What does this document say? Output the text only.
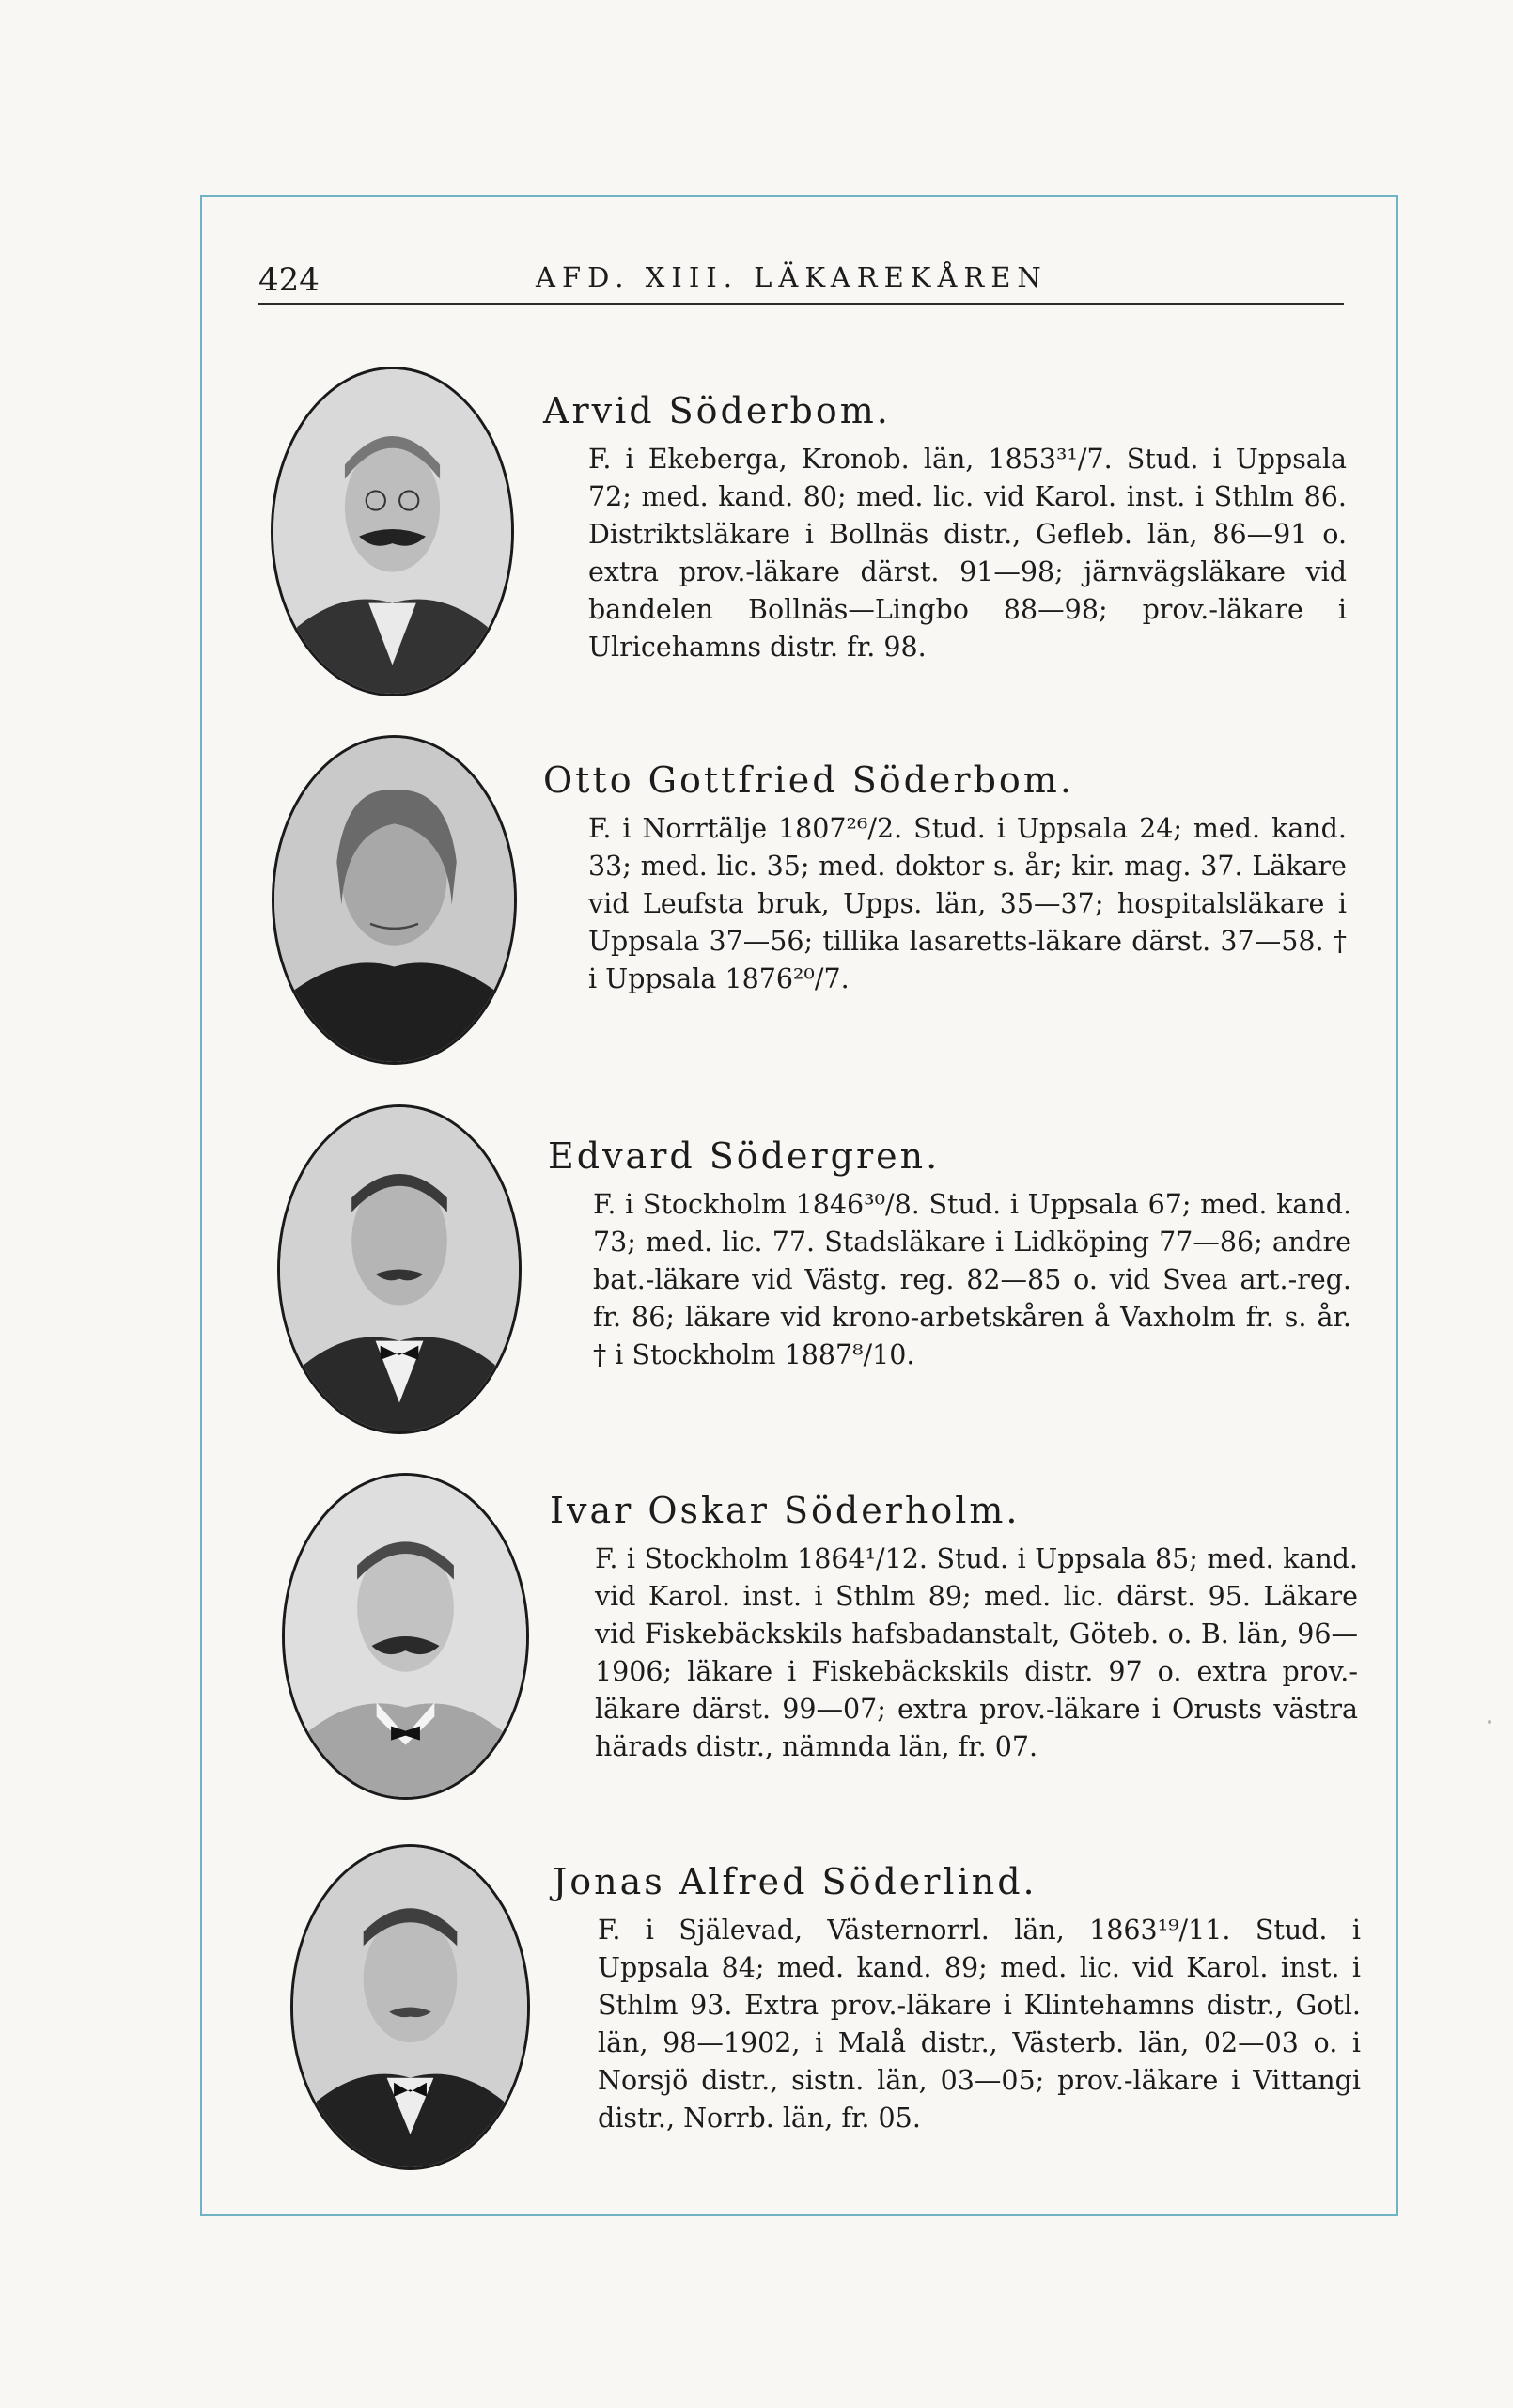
424	AFD. XIII. LÄKAREKÅREN
Arvid Söderbom.

F. i Ekeberga, Kronob. län, 1853³¹/7. Stud. i Uppsala 72; med. kand. 80; med. lic. vid Karol. inst. i Sthlm 86. Distriktsläkare i Bollnäs distr., Gefleb. län, 86—91 o. extra prov.-läkare därst. 91—98; järnvägsläkare vid bandelen Bollnäs—Lingbo 88—98; prov.-läkare i Ulricehamns distr. fr. 98.

Otto Gottfried Söderbom.

F. i Norrtälje 1807²⁶/2. Stud. i Uppsala 24; med. kand. 33; med. lic. 35; med. doktor s. år; kir. mag. 37. Läkare vid Leufsta bruk, Upps. län, 35—37; hospitalsläkare i Uppsala 37—56; tillika lasaretts-läkare därst. 37—58. † i Uppsala 1876²⁰/7.

Edvard Södergren.

F. i Stockholm 1846³⁰/8. Stud. i Uppsala 67; med. kand. 73; med. lic. 77. Stadsläkare i Lidköping 77—86; andre bat.-läkare vid Västg. reg. 82—85 o. vid Svea art.-reg. fr. 86; läkare vid krono-arbetskåren å Vaxholm fr. s. år. † i Stockholm 1887⁸/10.

Ivar Oskar Söderholm.

F. i Stockholm 1864¹/12. Stud. i Uppsala 85; med. kand. vid Karol. inst. i Sthlm 89; med. lic. därst. 95. Läkare vid Fiskebäckskils hafsbadanstalt, Göteb. o. B. län, 96—1906; läkare i Fiskebäckskils distr. 97 o. extra prov.-läkare därst. 99—07; extra prov.-läkare i Orusts västra härads distr., nämnda län, fr. 07.

Jonas Alfred Söderlind.

F. i Själevad, Västernorrl. län, 1863¹⁹/11. Stud. i Uppsala 84; med. kand. 89; med. lic. vid Karol. inst. i Sthlm 93. Extra prov.-läkare i Klintehamns distr., Gotl. län, 98—1902, i Malå distr., Västerb. län, 02—03 o. i Norsjö distr., sistn. län, 03—05; prov.-läkare i Vittangi distr., Norrb. län, fr. 05.
